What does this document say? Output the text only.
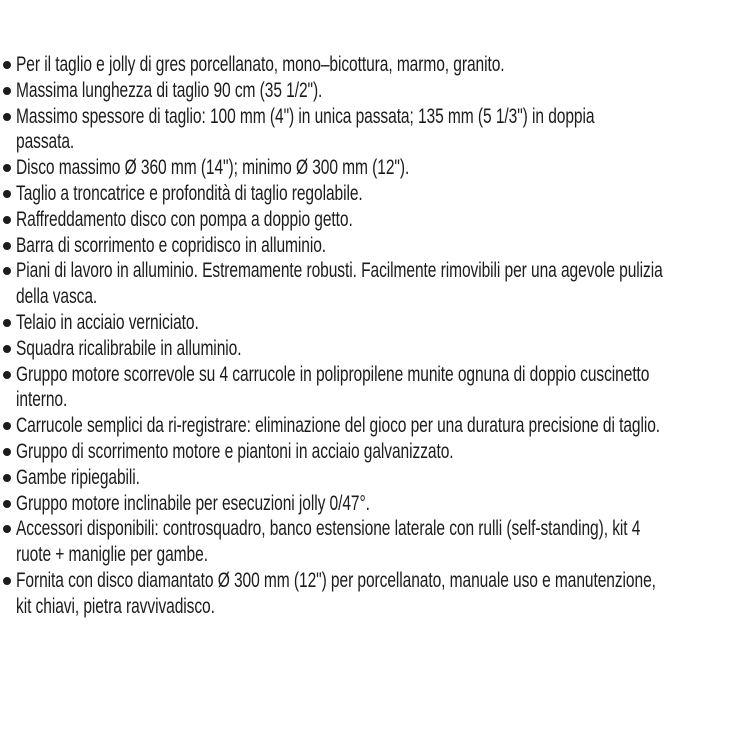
Per il taglio e jolly di gres porcellanato, mono–bicottura, marmo, granito.
Massima lunghezza di taglio 90 cm (35 1/2").
Massimo spessore di taglio: 100 mm (4") in unica passata; 135 mm (5 1/3") in doppia
passata.
Disco massimo Ø 360 mm (14"); minimo Ø 300 mm (12").
Taglio a troncatrice e profondità di taglio regolabile.
Raffreddamento disco con pompa a doppio getto.
Barra di scorrimento e copridisco in alluminio.
Piani di lavoro in alluminio. Estremamente robusti. Facilmente rimovibili per una agevole pulizia
della vasca.
Telaio in acciaio verniciato.
Squadra ricalibrabile in alluminio.
Gruppo motore scorrevole su 4 carrucole in polipropilene munite ognuna di doppio cuscinetto
interno.
Carrucole semplici da ri-registrare: eliminazione del gioco per una duratura precisione di taglio.
Gruppo di scorrimento motore e piantoni in acciaio galvanizzato.
Gambe ripiegabili.
Gruppo motore inclinabile per esecuzioni jolly 0/47°.
Accessori disponibili: controsquadro, banco estensione laterale con rulli (self-standing), kit 4
ruote + maniglie per gambe.
Fornita con disco diamantato Ø 300 mm (12") per porcellanato, manuale uso e manutenzione,
kit chiavi, pietra ravvivadisco.
